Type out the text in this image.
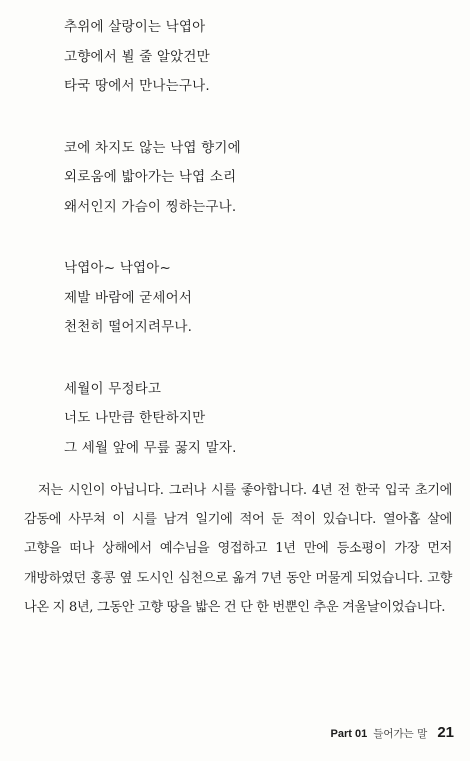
추위에 살랑이는 낙엽아
고향에서 뵐 줄 알았건만
타국 땅에서 만나는구나.
코에 차지도 않는 낙엽 향기에
외로움에 밟아가는 낙엽 소리
왜서인지 가슴이 찡하는구나.
낙엽아~ 낙엽아~
제발 바람에 굳세어서
천천히 떨어지려무나.
세월이 무정타고
너도 나만큼 한탄하지만
그 세월 앞에 무릎 꿇지 말자.

저는 시인이 아닙니다. 그러나 시를 좋아합니다. 4년 전 한국 입국 초기에 감동에 사무쳐 이 시를 남겨 일기에 적어 둔 적이 있습니다. 열아홉 살에 고향을 떠나 상해에서 예수님을 영접하고 1년 만에 등소평이 가장 먼저 개방하였던 홍콩 옆 도시인 심천으로 옮겨 7년 동안 머물게 되었습니다. 고향 나온 지 8년, 그동안 고향 땅을 밟은 건 단 한 번뿐인 추운 겨울날이었습니다.

Part 01 들어가는 말 21
